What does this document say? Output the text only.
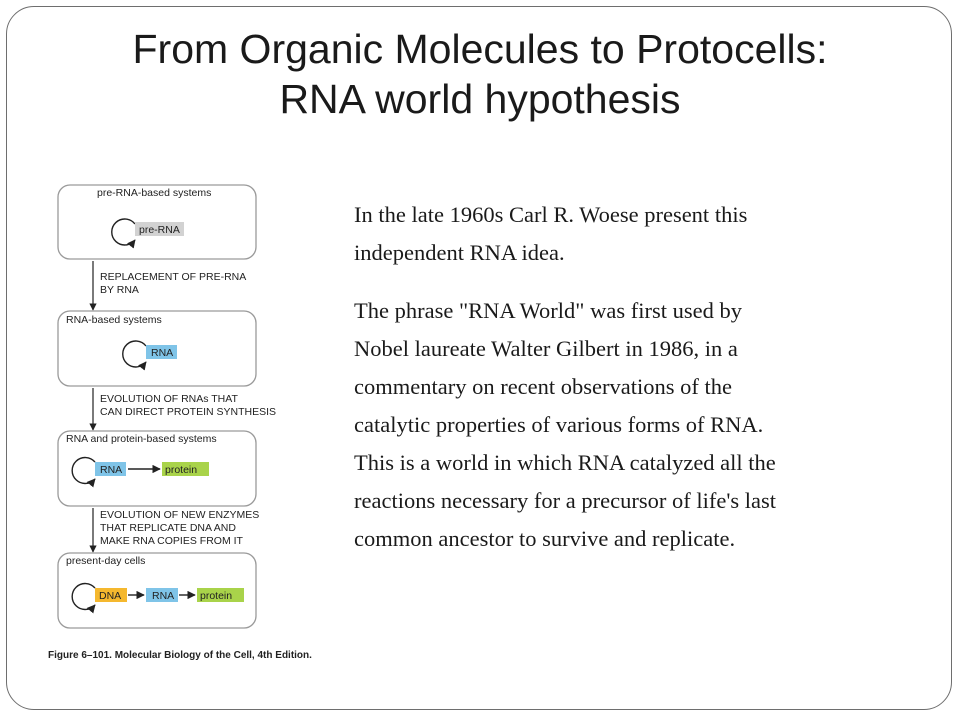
From Organic Molecules to Protocells:
RNA world hypothesis
pre-RNA-based systems
pre-RNA
REPLACEMENT OF PRE-RNA
BY RNA
RNA-based systems
RNA
EVOLUTION OF RNAs THAT
CAN DIRECT PROTEIN SYNTHESIS
RNA and protein-based systems
RNA	protein
EVOLUTION OF NEW ENZYMES
THAT REPLICATE DNA AND
MAKE RNA COPIES FROM IT
present-day cells
DNA	RNA protein
Figure 6–101. Molecular Biology of the Cell, 4th Edition.

In the late 1960s Carl R. Woese present this
independent RNA idea.

The phrase "RNA World" was first used by
Nobel laureate Walter Gilbert in 1986, in a
commentary on recent observations of the
catalytic properties of various forms of RNA.
This is a world in which RNA catalyzed all the
reactions necessary for a precursor of life's last
common ancestor to survive and replicate.
